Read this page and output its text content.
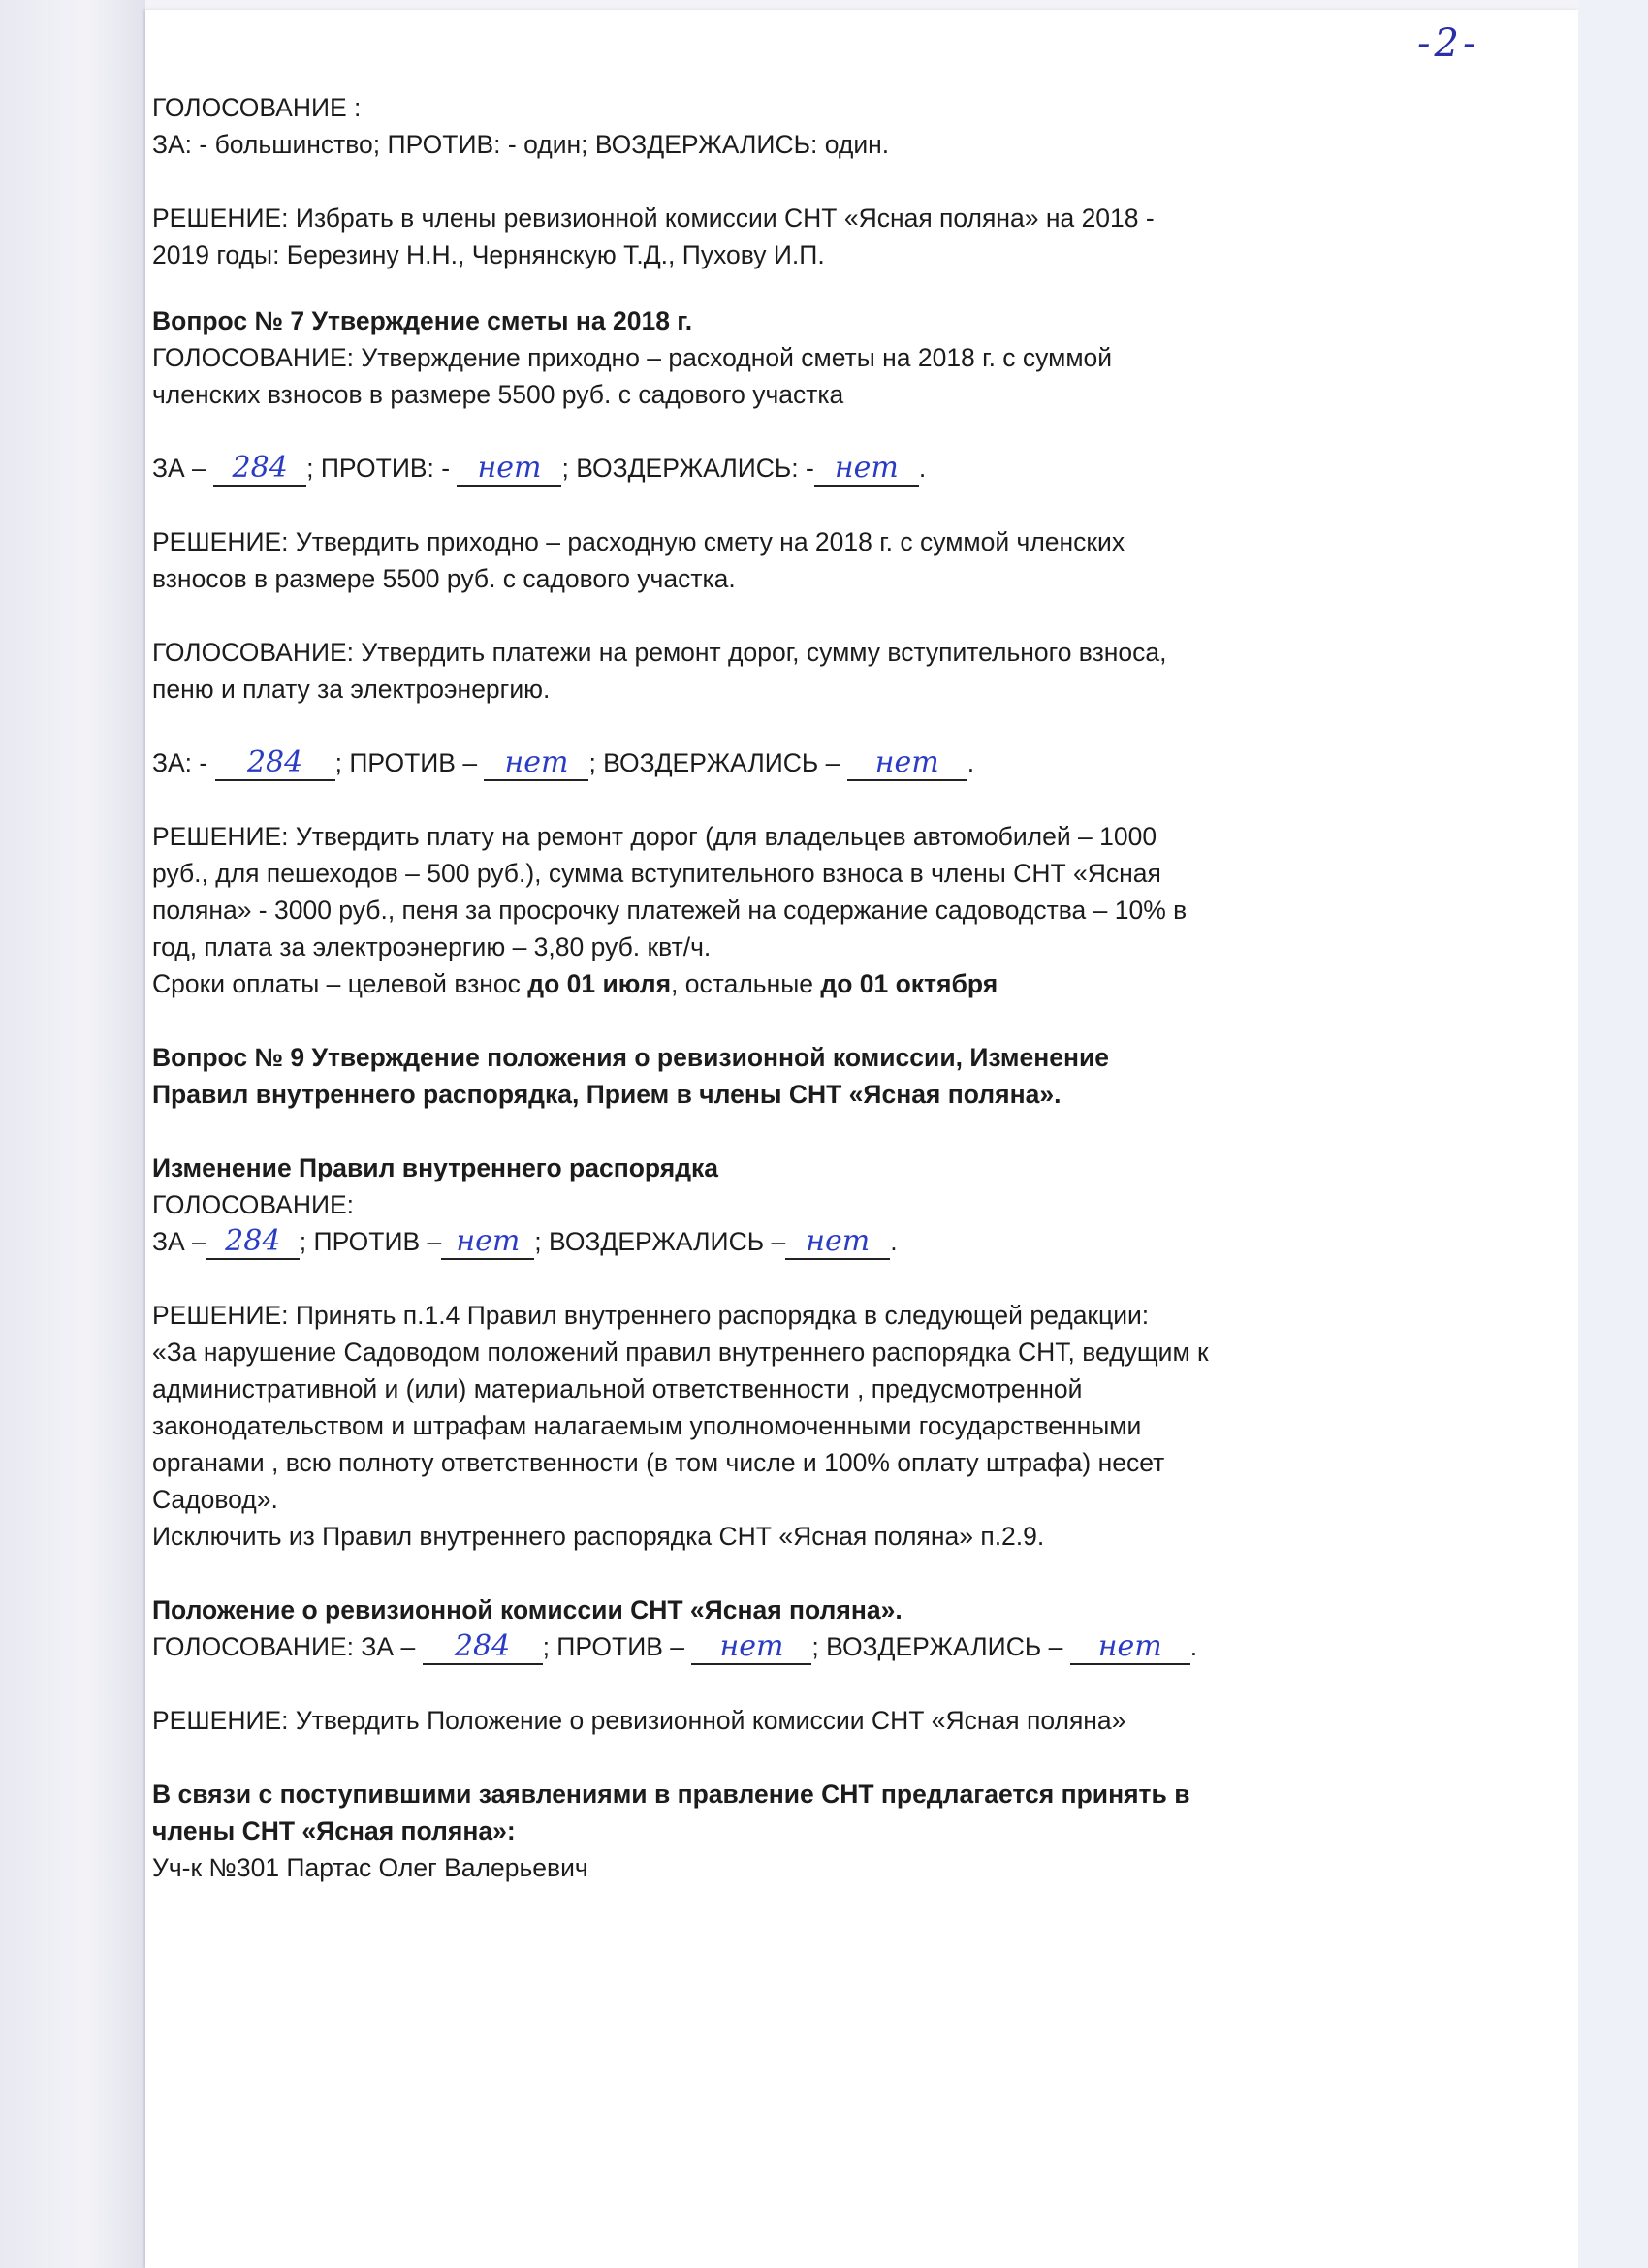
-2-

ГОЛОСОВАНИЕ :

ЗА: - большинство; ПРОТИВ: - один; ВОЗДЕРЖАЛИСЬ: один.

РЕШЕНИЕ: Избрать в члены ревизионной комиссии СНТ «Ясная поляна» на 2018 -

2019 годы: Березину Н.Н., Чернянскую Т.Д., Пухову И.П.

Вопрос № 7 Утверждение сметы на 2018 г.

ГОЛОСОВАНИЕ: Утверждение приходно – расходной сметы на 2018 г. с суммой

членских взносов в размере 5500 руб. с садового участка

ЗА – 284 ; ПРОТИВ: - нет ; ВОЗДЕРЖАЛИСЬ: - нет .

РЕШЕНИЕ: Утвердить приходно – расходную смету на 2018 г. с суммой членских

взносов в размере 5500 руб. с садового участка.

ГОЛОСОВАНИЕ: Утвердить платежи на ремонт дорог, сумму вступительного взноса,

пеню и плату за электроэнергию.

ЗА: - 284 ; ПРОТИВ – нет ; ВОЗДЕРЖАЛИСЬ – нет .

РЕШЕНИЕ: Утвердить плату на ремонт дорог (для владельцев автомобилей – 1000

руб., для пешеходов – 500 руб.), сумма вступительного взноса в члены СНТ «Ясная

поляна» - 3000 руб., пеня за просрочку платежей на содержание садоводства – 10% в

год, плата за электроэнергию – 3,80 руб. квт/ч.

Сроки оплаты – целевой взнос до 01 июля, остальные до 01 октября

Вопрос № 9 Утверждение положения о ревизионной комиссии, Изменение

Правил внутреннего распорядка, Прием в члены СНТ «Ясная поляна».

Изменение Правил внутреннего распорядка

ГОЛОСОВАНИЕ:

ЗА – 284 ; ПРОТИВ – нет ; ВОЗДЕРЖАЛИСЬ – нет .

РЕШЕНИЕ: Принять п.1.4 Правил внутреннего распорядка в следующей редакции:

«За нарушение Садоводом положений правил внутреннего распорядка СНТ, ведущим к

административной и (или) материальной ответственности , предусмотренной

законодательством и штрафам налагаемым уполномоченными государственными

органами , всю полноту ответственности (в том числе и 100% оплату штрафа) несет

Садовод».

Исключить из Правил внутреннего распорядка СНТ «Ясная поляна» п.2.9.

Положение о ревизионной комиссии СНТ «Ясная поляна».

ГОЛОСОВАНИЕ: ЗА – 284 ; ПРОТИВ – нет ; ВОЗДЕРЖАЛИСЬ – нет .

РЕШЕНИЕ: Утвердить Положение о ревизионной комиссии СНТ «Ясная поляна»

В связи с поступившими заявлениями в правление СНТ предлагается принять в

члены СНТ «Ясная поляна»:

Уч-к №301 Партас Олег Валерьевич
